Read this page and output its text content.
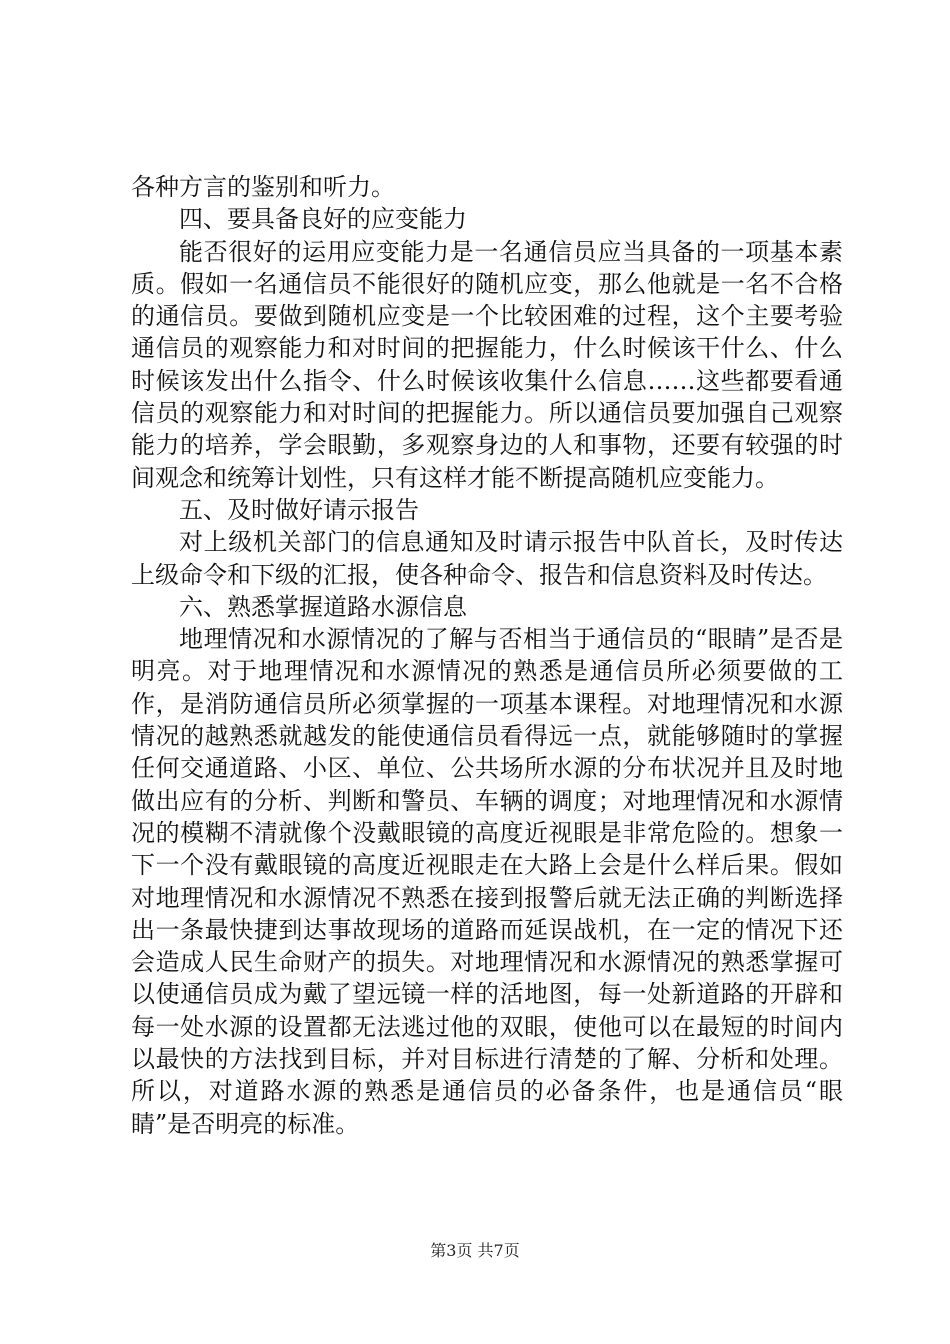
各种方言的鉴别和听力。

四、要具备良好的应变能力

能否很好的运用应变能力是一名通信员应当具备的一项基本素质。假如一名通信员不能很好的随机应变，那么他就是一名不合格的通信员。要做到随机应变是一个比较困难的过程，这个主要考验通信员的观察能力和对时间的把握能力，什么时候该干什么、什么时候该发出什么指令、什么时候该收集什么信息……这些都要看通信员的观察能力和对时间的把握能力。所以通信员要加强自己观察能力的培养，学会眼勤，多观察身边的人和事物，还要有较强的时间观念和统筹计划性，只有这样才能不断提高随机应变能力。

五、及时做好请示报告

对上级机关部门的信息通知及时请示报告中队首长，及时传达上级命令和下级的汇报，使各种命令、报告和信息资料及时传达。

六、熟悉掌握道路水源信息

地理情况和水源情况的了解与否相当于通信员的“眼睛”是否是明亮。对于地理情况和水源情况的熟悉是通信员所必须要做的工作，是消防通信员所必须掌握的一项基本课程。对地理情况和水源情况的越熟悉就越发的能使通信员看得远一点，就能够随时的掌握任何交通道路、小区、单位、公共场所水源的分布状况并且及时地做出应有的分析、判断和警员、车辆的调度；对地理情况和水源情况的模糊不清就像个没戴眼镜的高度近视眼是非常危险的。想象一下一个没有戴眼镜的高度近视眼走在大路上会是什么样后果。假如对地理情况和水源情况不熟悉在接到报警后就无法正确的判断选择出一条最快捷到达事故现场的道路而延误战机，在一定的情况下还会造成人民生命财产的损失。对地理情况和水源情况的熟悉掌握可以使通信员成为戴了望远镜一样的活地图，每一处新道路的开辟和每一处水源的设置都无法逃过他的双眼，使他可以在最短的时间内以最快的方法找到目标，并对目标进行清楚的了解、分析和处理。所以，对道路水源的熟悉是通信员的必备条件，也是通信员“眼睛”是否明亮的标准。

第3页 共7页
